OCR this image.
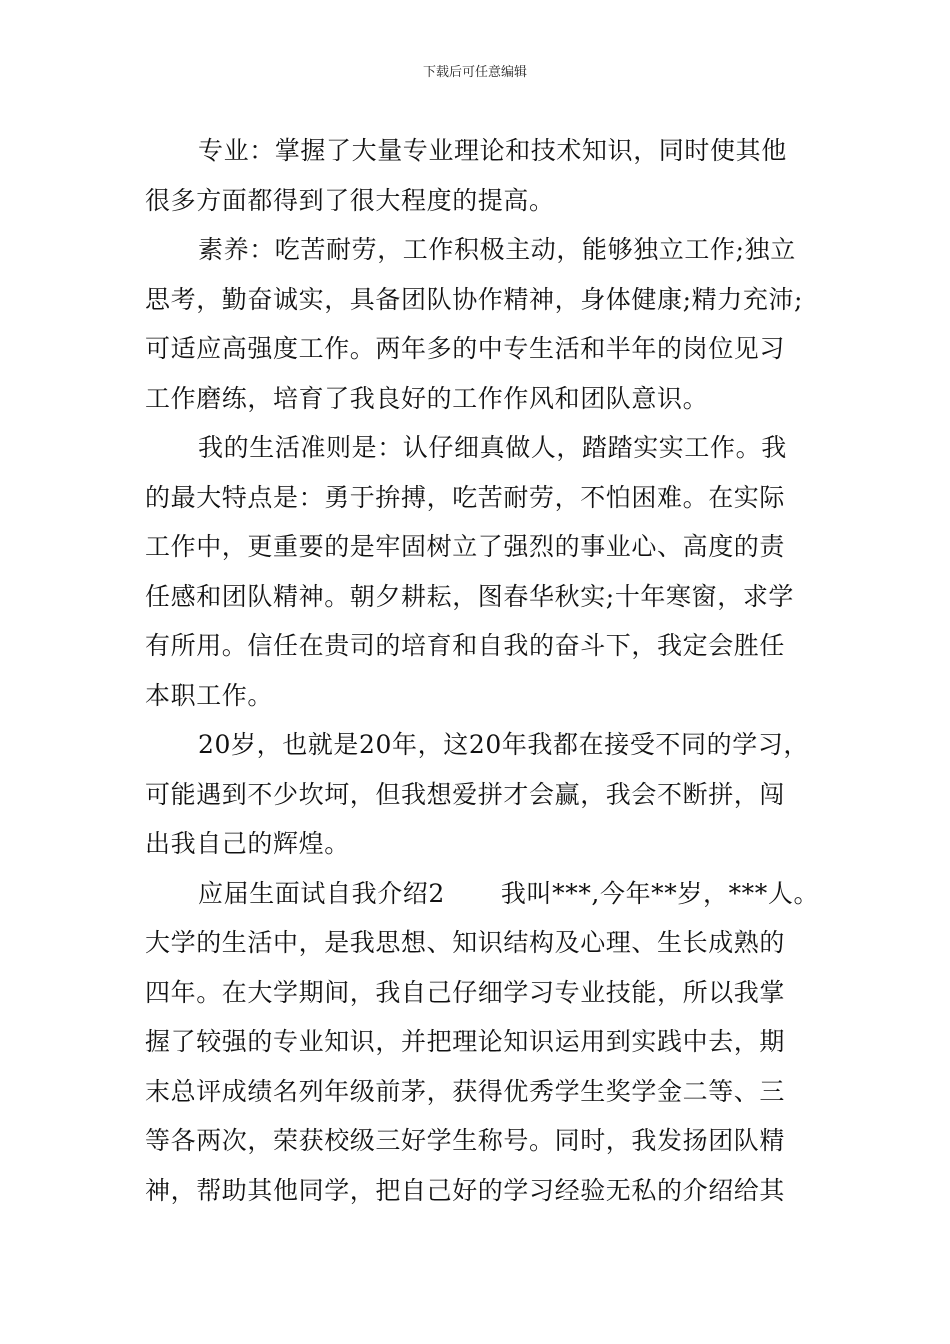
下载后可任意编辑
专业：掌握了大量专业理论和技术知识，同时使其他
很多方面都得到了很大程度的提高。
素养：吃苦耐劳，工作积极主动，能够独立工作;独立
思考，勤奋诚实，具备团队协作精神，身体健康;精力充沛;
可适应高强度工作。两年多的中专生活和半年的岗位见习
工作磨练，培育了我良好的工作作风和团队意识。
我的生活准则是：认仔细真做人，踏踏实实工作。我
的最大特点是：勇于拚搏，吃苦耐劳，不怕困难。在实际
工作中，更重要的是牢固树立了强烈的事业心、高度的责
任感和团队精神。朝夕耕耘，图春华秋实;十年寒窗，求学
有所用。信任在贵司的培育和自我的奋斗下，我定会胜任
本职工作。
20岁，也就是20年，这20年我都在接受不同的学习，
可能遇到不少坎坷，但我想爱拼才会赢，我会不断拼，闯
出我自己的辉煌。
应届生面试自我介绍2 我叫***,今年**岁，***人。
大学的生活中，是我思想、知识结构及心理、生长成熟的
四年。在大学期间，我自己仔细学习专业技能，所以我掌
握了较强的专业知识，并把理论知识运用到实践中去，期
末总评成绩名列年级前茅，获得优秀学生奖学金二等、三
等各两次，荣获校级三好学生称号。同时，我发扬团队精
神，帮助其他同学，把自己好的学习经验无私的介绍给其
